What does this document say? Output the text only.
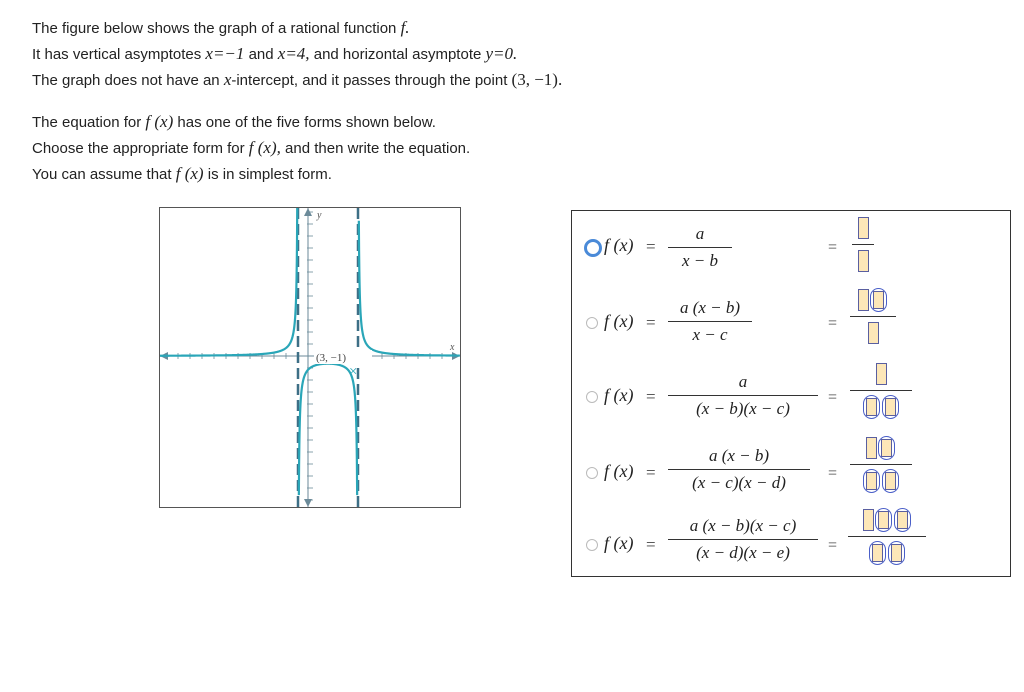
The figure below shows the graph of a rational function f.
It has vertical asymptotes x=−1 and x=4, and horizontal asymptote y=0.
The graph does not have an x-intercept, and it passes through the point (3, −1).
The equation for f (x) has one of the five forms shown below.
Choose the appropriate form for f (x), and then write the equation.
You can assume that f (x) is in simplest form.
x
y
×
(3, −1)
f (x) =
a
x − b
=
f (x) =
a (x − b)
x − c
=
f (x) =
a
(x − b)(x − c)
=
f (x) =
a (x − b)
(x − c)(x − d)	=
f (x) =
a (x − b)(x − c)
(x − d)(x − e) =
